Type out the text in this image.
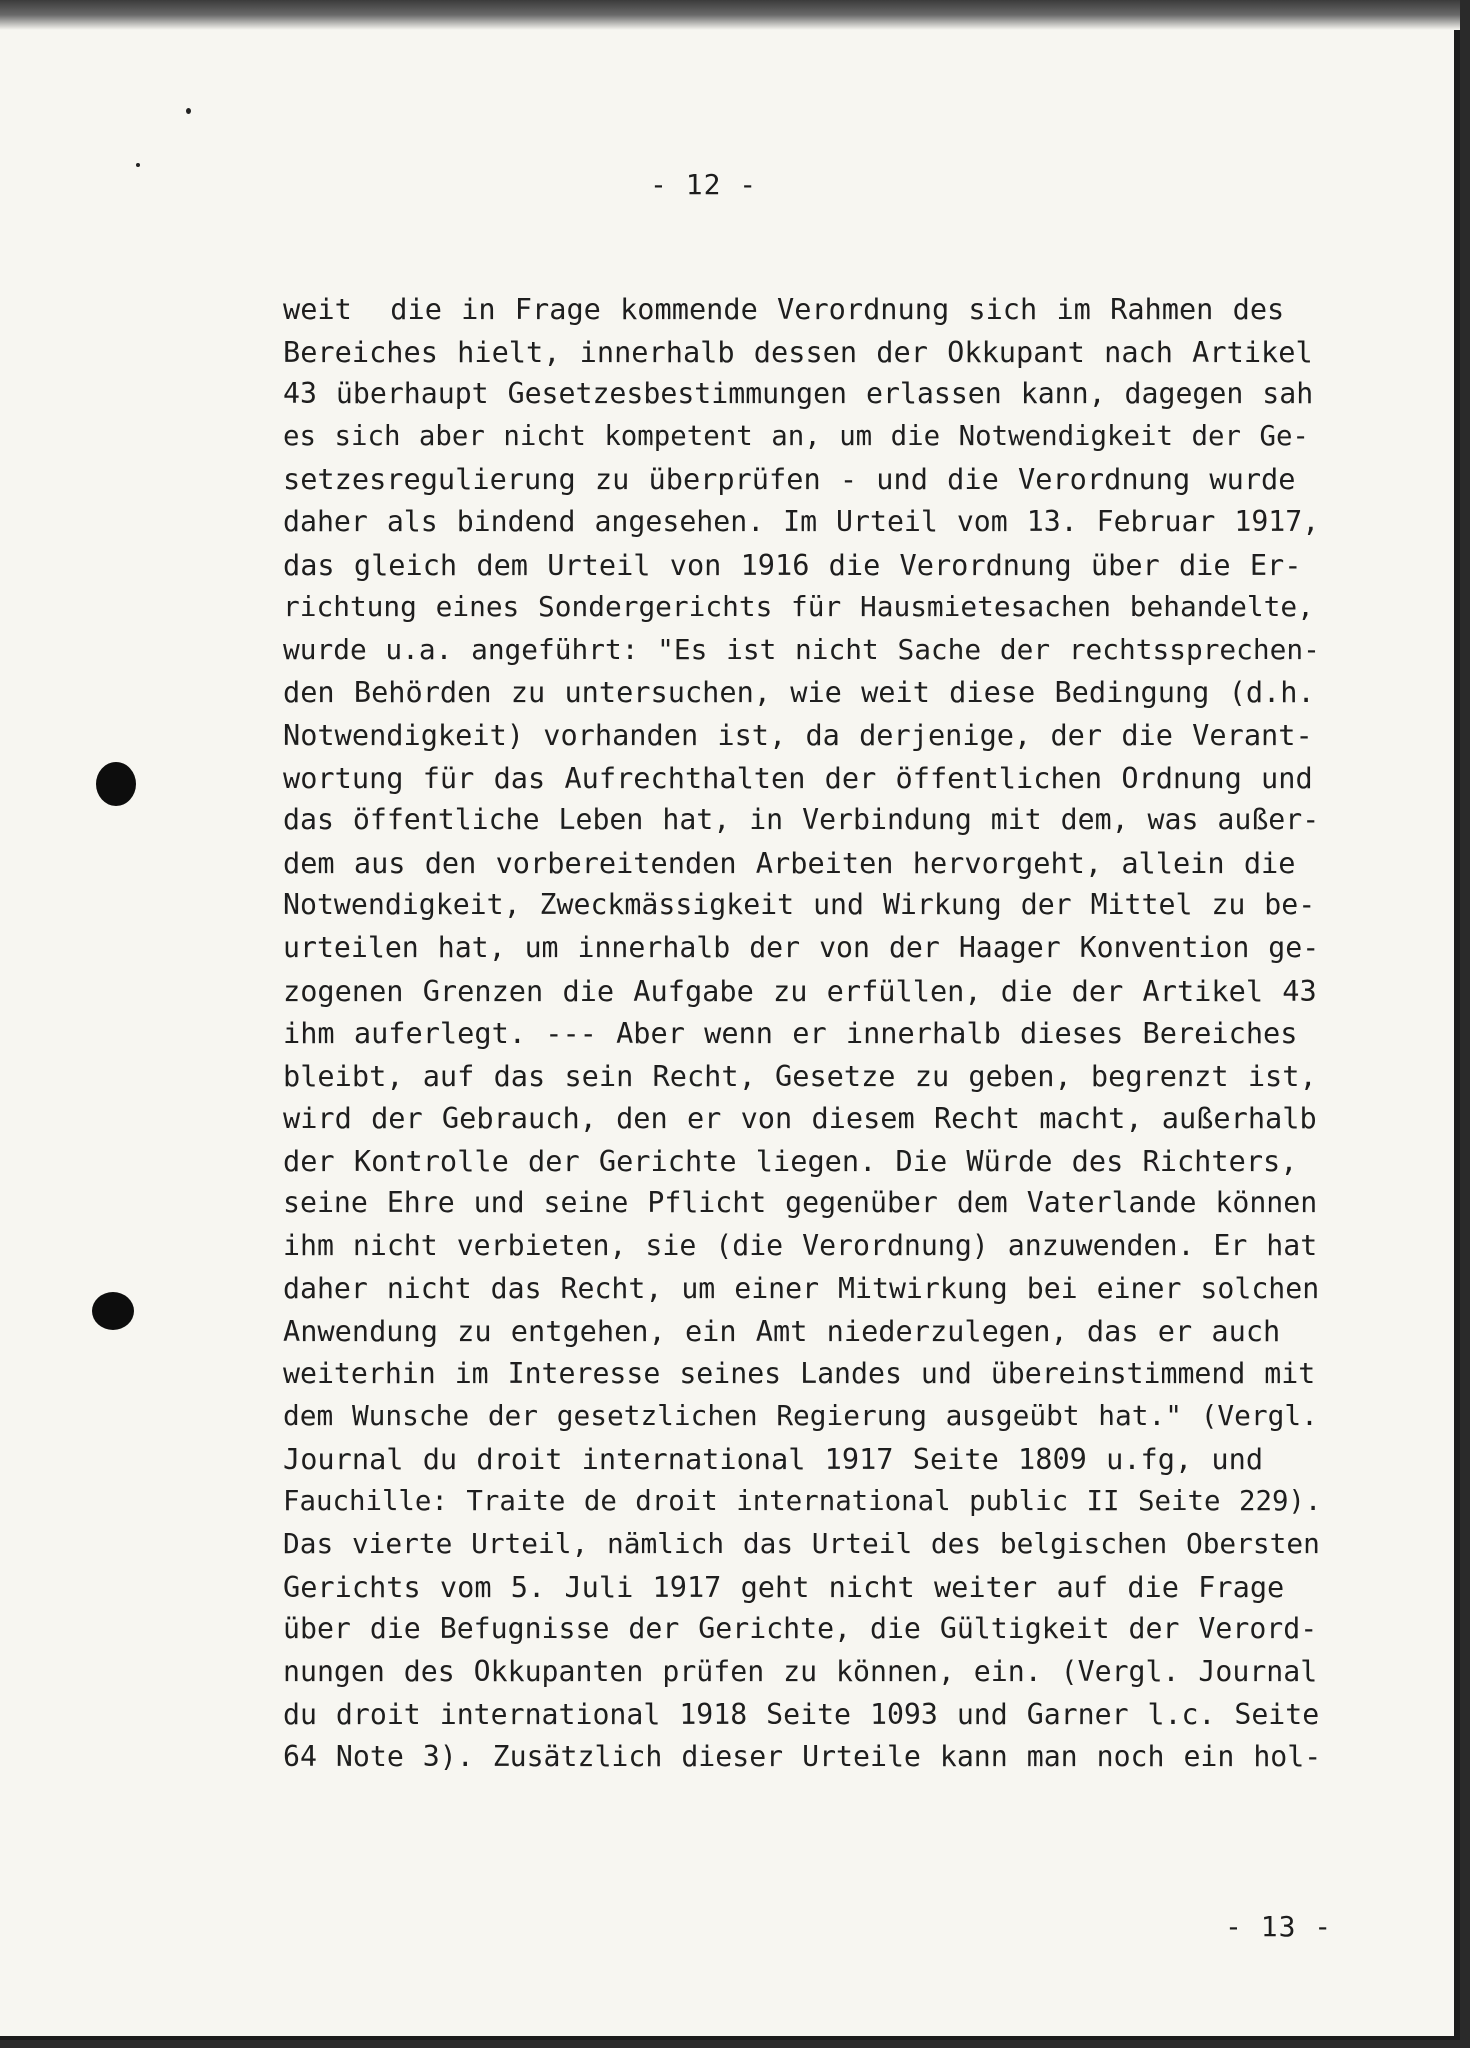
- 12 -
weit  die in Frage kommende Verordnung sich im Rahmen des
Bereiches hielt, innerhalb dessen der Okkupant nach Artikel
43 überhaupt Gesetzesbestimmungen erlassen kann, dagegen sah
es sich aber nicht kompetent an, um die Notwendigkeit der Ge-
setzesregulierung zu überprüfen - und die Verordnung wurde
daher als bindend angesehen. Im Urteil vom 13. Februar 1917,
das gleich dem Urteil von 1916 die Verordnung über die Er-
richtung eines Sondergerichts für Hausmietesachen behandelte,
wurde u.a. angeführt: "Es ist nicht Sache der rechtssprechen-
den Behörden zu untersuchen, wie weit diese Bedingung (d.h.
Notwendigkeit) vorhanden ist, da derjenige, der die Verant-
wortung für das Aufrechthalten der öffentlichen Ordnung und
das öffentliche Leben hat, in Verbindung mit dem, was außer-
dem aus den vorbereitenden Arbeiten hervorgeht, allein die
Notwendigkeit, Zweckmässigkeit und Wirkung der Mittel zu be-
urteilen hat, um innerhalb der von der Haager Konvention ge-
zogenen Grenzen die Aufgabe zu erfüllen, die der Artikel 43
ihm auferlegt. --- Aber wenn er innerhalb dieses Bereiches
bleibt, auf das sein Recht, Gesetze zu geben, begrenzt ist,
wird der Gebrauch, den er von diesem Recht macht, außerhalb
der Kontrolle der Gerichte liegen. Die Würde des Richters,
seine Ehre und seine Pflicht gegenüber dem Vaterlande können
ihm nicht verbieten, sie (die Verordnung) anzuwenden. Er hat
daher nicht das Recht, um einer Mitwirkung bei einer solchen
Anwendung zu entgehen, ein Amt niederzulegen, das er auch
weiterhin im Interesse seines Landes und übereinstimmend mit
dem Wunsche der gesetzlichen Regierung ausgeübt hat." (Vergl.
Journal du droit international 1917 Seite 1809 u.fg, und
Fauchille: Traite de droit international public II Seite 229).
Das vierte Urteil, nämlich das Urteil des belgischen Obersten
Gerichts vom 5. Juli 1917 geht nicht weiter auf die Frage
über die Befugnisse der Gerichte, die Gültigkeit der Verord-
nungen des Okkupanten prüfen zu können, ein. (Vergl. Journal
du droit international 1918 Seite 1093 und Garner l.c. Seite
64 Note 3). Zusätzlich dieser Urteile kann man noch ein hol-
- 13 -
